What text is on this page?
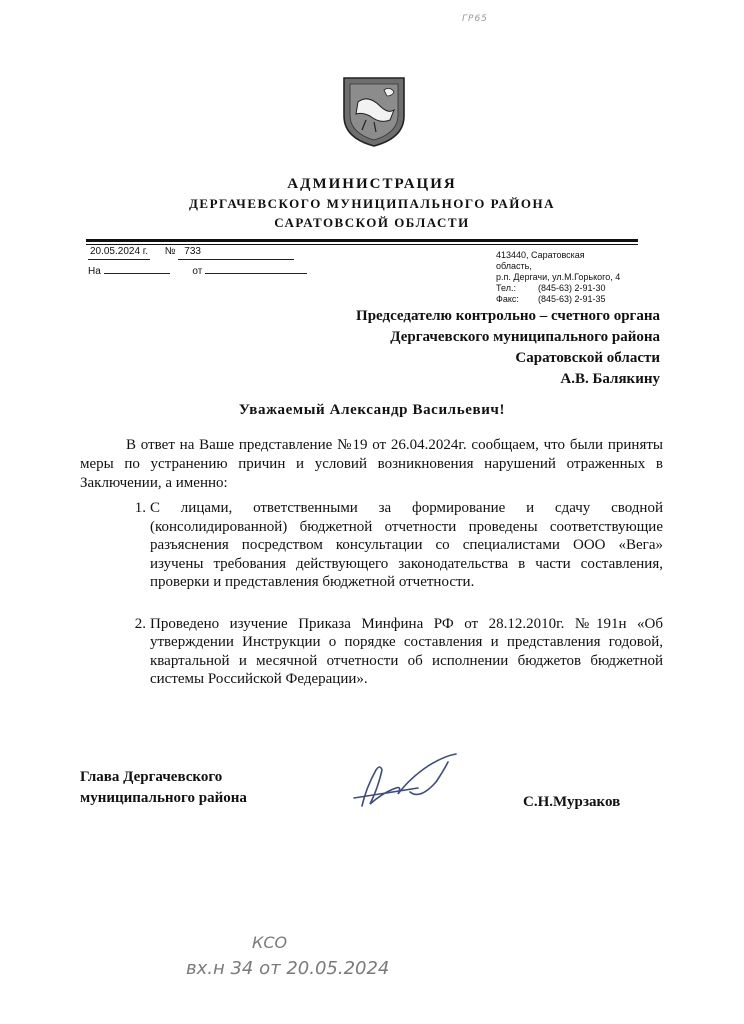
ГР65
АДМИНИСТРАЦИЯ
ДЕРГАЧЕВСКОГО МУНИЦИПАЛЬНОГО РАЙОНА
САРАТОВСКОЙ ОБЛАСТИ
20.05.2024 г. № 733
На	от
413440, Саратовская
область,
р.п. Дергачи, ул.М.Горького, 4
Тел.: (845-63) 2-91-30
Факс: (845-63) 2-91-35
Председателю контрольно – счетного органа
Дергачевского муниципального района
Саратовской области
А.В. Балякину
Уважаемый Александр Васильевич!
В ответ на Ваше представление №19 от 26.04.2024г. сообщаем, что были приняты меры по устранению причин и условий возникновения нарушений отраженных в Заключении, а именно:
1. С лицами, ответственными за формирование и сдачу сводной (консолидированной) бюджетной отчетности проведены соответствующие разъяснения посредством консультации со специалистами ООО «Вега» изучены требования действующего законодательства в части составления, проверки и представления бюджетной отчетности.
2. Проведено изучение Приказа Минфина РФ от 28.12.2010г. №191н «Об утверждении Инструкции о порядке составления и представления годовой, квартальной и месячной отчетности об исполнении бюджетов бюджетной системы Российской Федерации».
Глава Дергачевского
муниципального района	С.Н.Мурзаков
КСО
вх.н 34 от 20.05.2024
